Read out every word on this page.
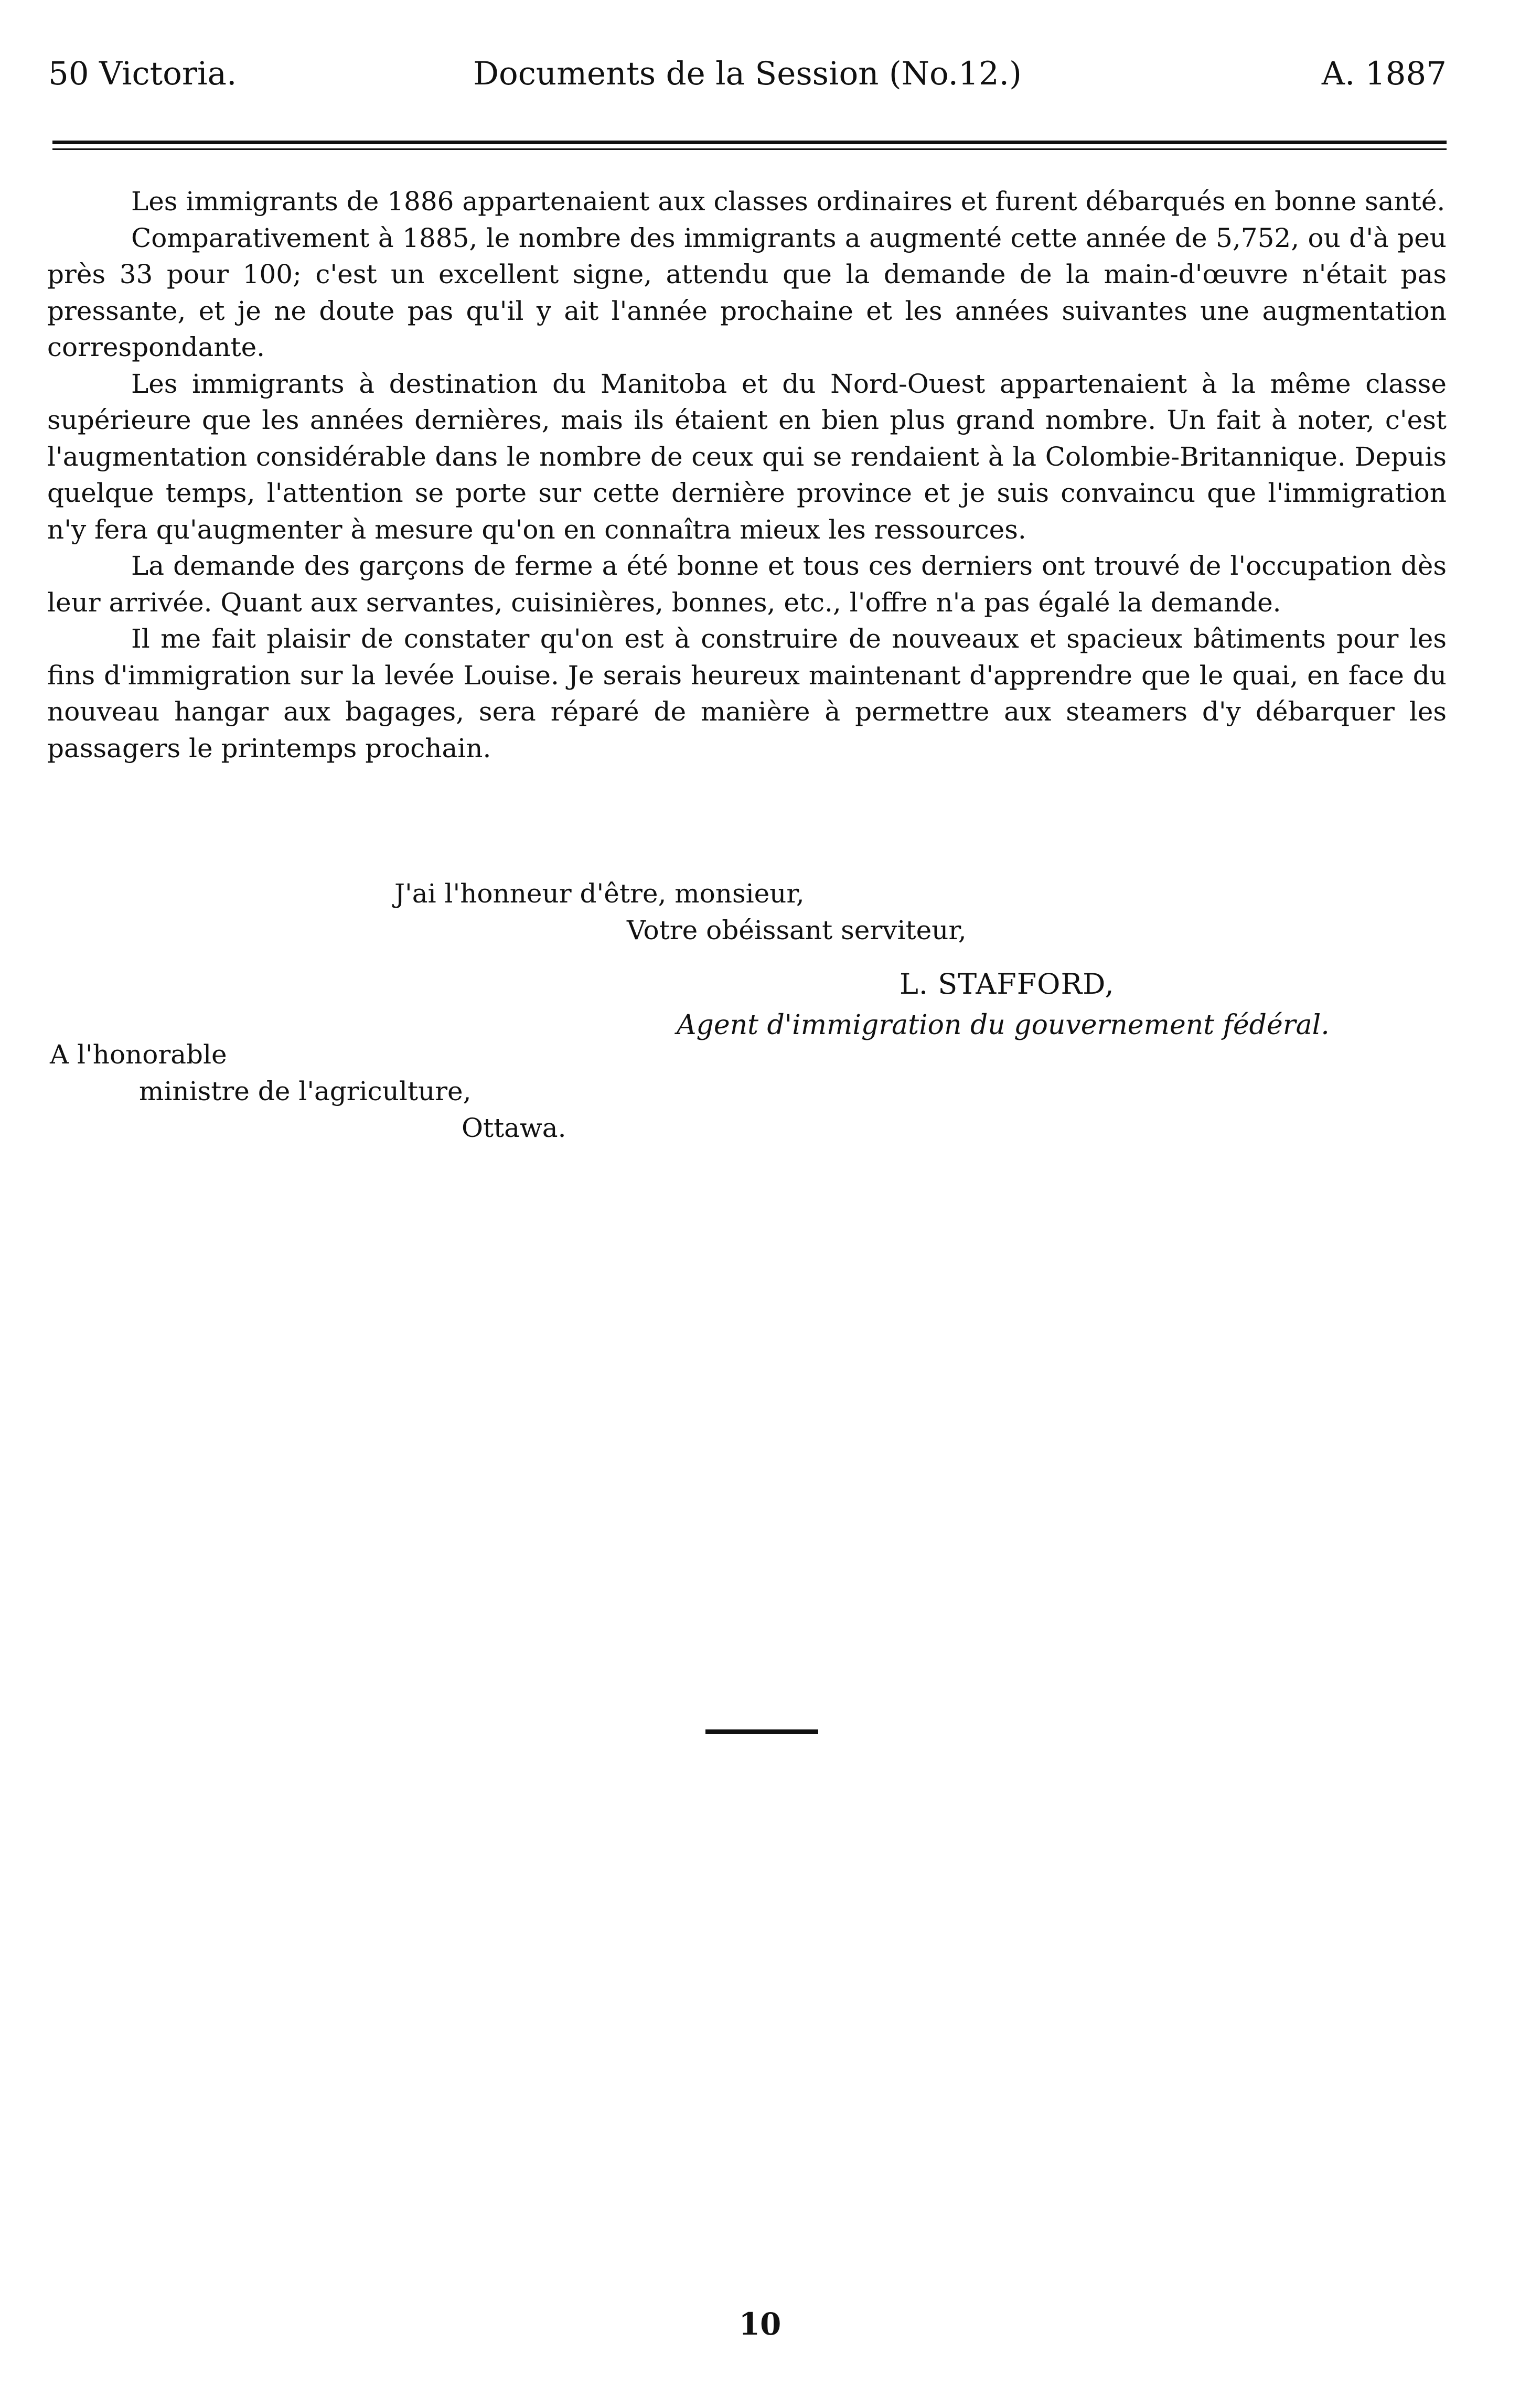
50 Victoria.	Documents de la Session (No.12.)	A. 1887

Les immigrants de 1886 appartenaient aux classes ordinaires et furent débarqués en bonne santé.

Comparativement à 1885, le nombre des immigrants a augmenté cette année de 5,752, ou d'à peu près 33 pour 100; c'est un excellent signe, attendu que la demande de la main-d'œuvre n'était pas pressante, et je ne doute pas qu'il y ait l'année prochaine et les années suivantes une augmentation correspondante.

Les immigrants à destination du Manitoba et du Nord-Ouest appartenaient à la même classe supérieure que les années dernières, mais ils étaient en bien plus grand nombre. Un fait à noter, c'est l'augmentation considérable dans le nombre de ceux qui se rendaient à la Colombie-Britannique. Depuis quelque temps, l'attention se porte sur cette dernière province et je suis convaincu que l'immigration n'y fera qu'augmenter à mesure qu'on en connaîtra mieux les ressources.

La demande des garçons de ferme a été bonne et tous ces derniers ont trouvé de l'occupation dès leur arrivée. Quant aux servantes, cuisinières, bonnes, etc., l'offre n'a pas égalé la demande.

Il me fait plaisir de constater qu'on est à construire de nouveaux et spacieux bâtiments pour les fins d'immigration sur la levée Louise. Je serais heureux maintenant d'apprendre que le quai, en face du nouveau hangar aux bagages, sera réparé de manière à permettre aux steamers d'y débarquer les passagers le printemps prochain.

J'ai l'honneur d'être, monsieur,
Votre obéissant serviteur,
L. STAFFORD,
Agent d'immigration du gouvernement fédéral.
A l'honorable
ministre de l'agriculture,
Ottawa.
10
